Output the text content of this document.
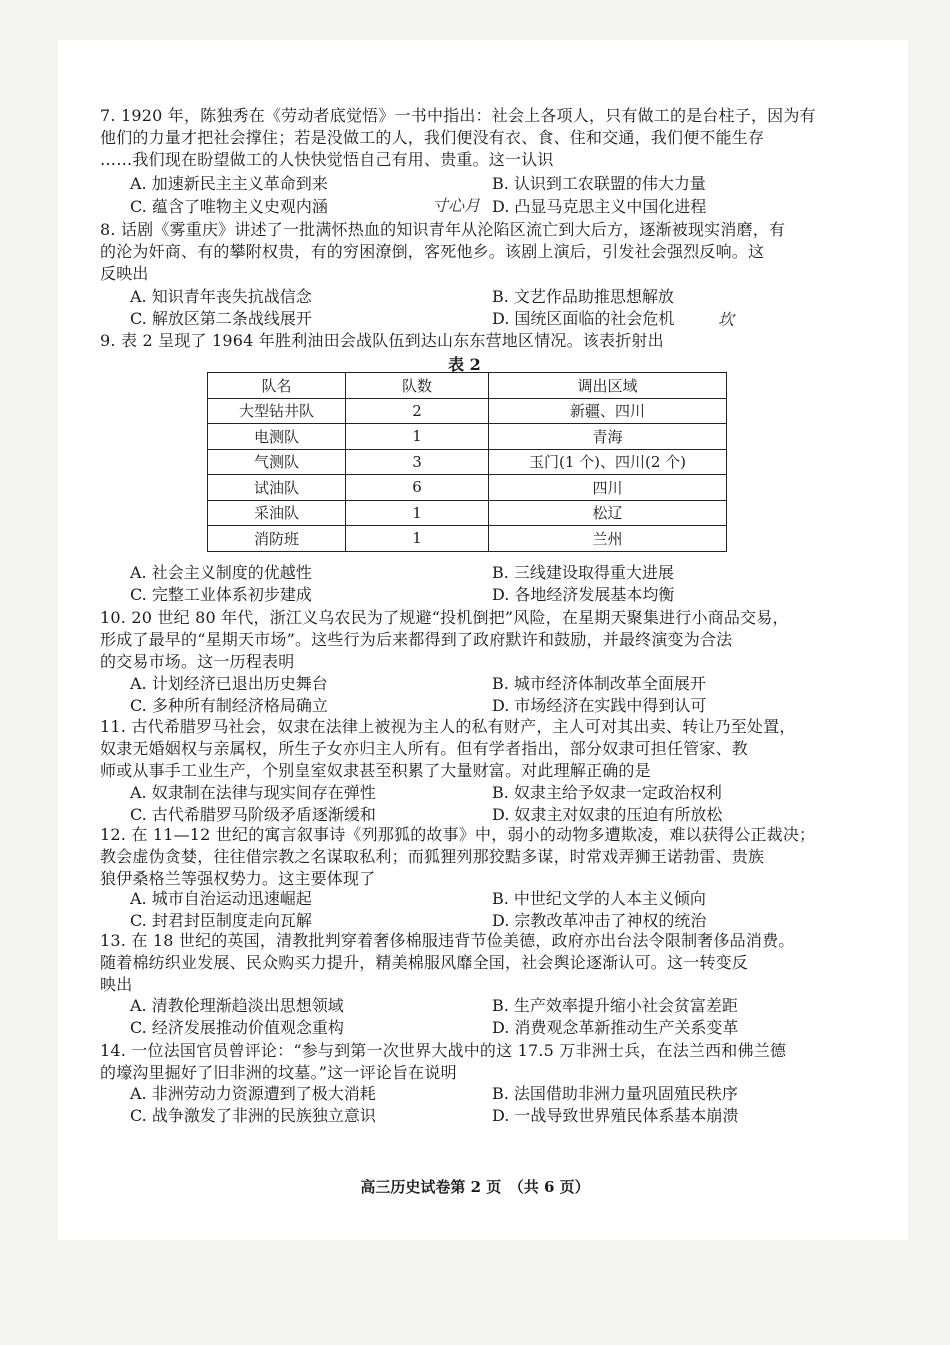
7. 1920 年，陈独秀在《劳动者底觉悟》一书中指出：社会上各项人，只有做工的是台柱子，因为有

他们的力量才把社会撑住；若是没做工的人，我们便没有衣、食、住和交通，我们便不能生存

……我们现在盼望做工的人快快觉悟自己有用、贵重。这一认识

A. 加速新民主主义革命到来	B. 认识到工农联盟的伟大力量
C. 蕴含了唯物主义史观内涵	D. 凸显马克思主义中国化进程
寸心月

8. 话剧《雾重庆》讲述了一批满怀热血的知识青年从沦陷区流亡到大后方，逐渐被现实消磨，有

的沦为奸商、有的攀附权贵，有的穷困潦倒，客死他乡。该剧上演后，引发社会强烈反响。这

反映出

A. 知识青年丧失抗战信念	B. 文艺作品助推思想解放
C. 解放区第二条战线展开	D. 国统区面临的社会危机	坎

9. 表 2 呈现了 1964 年胜利油田会战队伍到达山东东营地区情况。该表折射出

表 2
队名	队数	调出区域
大型钻井队	2	新疆、四川
电测队	1	青海
气测队	3	玉门(1 个)、四川(2 个)
试油队	6	四川
采油队	1	松辽
消防班	1	兰州
A. 社会主义制度的优越性	B. 三线建设取得重大进展
C. 完整工业体系初步建成	D. 各地经济发展基本均衡

10. 20 世纪 80 年代，浙江义乌农民为了规避“投机倒把”风险，在星期天聚集进行小商品交易，

形成了最早的“星期天市场”。这些行为后来都得到了政府默许和鼓励，并最终演变为合法

的交易市场。这一历程表明

A. 计划经济已退出历史舞台	B. 城市经济体制改革全面展开
C. 多种所有制经济格局确立	D. 市场经济在实践中得到认可

11. 古代希腊罗马社会，奴隶在法律上被视为主人的私有财产，主人可对其出卖、转让乃至处置，

奴隶无婚姻权与亲属权，所生子女亦归主人所有。但有学者指出，部分奴隶可担任管家、教

师或从事手工业生产，个别皇室奴隶甚至积累了大量财富。对此理解正确的是

A. 奴隶制在法律与现实间存在弹性	B. 奴隶主给予奴隶一定政治权利
C. 古代希腊罗马阶级矛盾逐渐缓和	D. 奴隶主对奴隶的压迫有所放松

12. 在 11—12 世纪的寓言叙事诗《列那狐的故事》中，弱小的动物多遭欺凌，难以获得公正裁决；

教会虚伪贪婪，往往借宗教之名谋取私利；而狐狸列那狡黠多谋，时常戏弄狮王诺勃雷、贵族

狼伊桑格兰等强权势力。这主要体现了

A. 城市自治运动迅速崛起	B. 中世纪文学的人本主义倾向
C. 封君封臣制度走向瓦解	D. 宗教改革冲击了神权的统治

13. 在 18 世纪的英国，清教批判穿着奢侈棉服违背节俭美德，政府亦出台法令限制奢侈品消费。

随着棉纺织业发展、民众购买力提升，精美棉服风靡全国，社会舆论逐渐认可。这一转变反

映出

A. 清教伦理渐趋淡出思想领域	B. 生产效率提升缩小社会贫富差距
C. 经济发展推动价值观念重构	D. 消费观念革新推动生产关系变革

14. 一位法国官员曾评论：“参与到第一次世界大战中的这 17.5 万非洲士兵，在法兰西和佛兰德

的壕沟里掘好了旧非洲的坟墓。”这一评论旨在说明

A. 非洲劳动力资源遭到了极大消耗	B. 法国借助非洲力量巩固殖民秩序
C. 战争激发了非洲的民族独立意识	D. 一战导致世界殖民体系基本崩溃
高三历史试卷第 2 页　（共 6 页）
